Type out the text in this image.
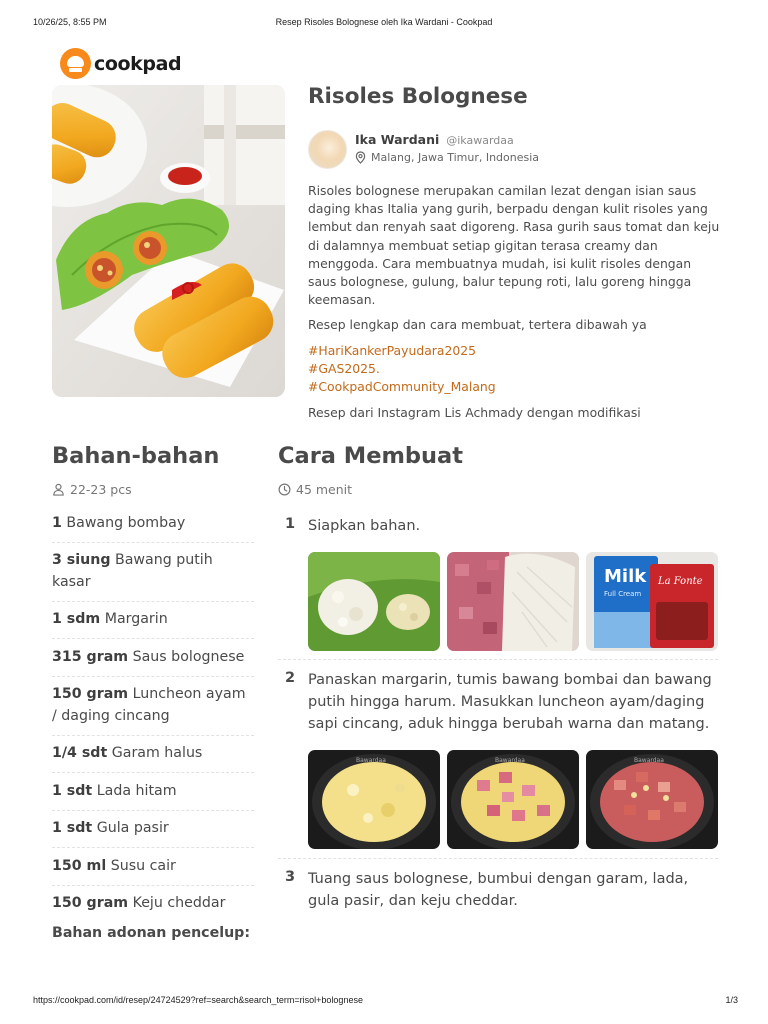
10/26/25, 8:55 PM	Resep Risoles Bolognese oleh Ika Wardani - Cookpad
cookpad
Risoles Bolognese
Ika Wardani @ikawardaa
Malang, Jawa Timur, Indonesia

Risoles bolognese merupakan camilan lezat dengan isian saus daging khas Italia yang gurih, berpadu dengan kulit risoles yang lembut dan renyah saat digoreng. Rasa gurih saus tomat dan keju di dalamnya membuat setiap gigitan terasa creamy dan menggoda. Cara membuatnya mudah, isi kulit risoles dengan saus bolognese, gulung, balur tepung roti, lalu goreng hingga keemasan.

Resep lengkap dan cara membuat, tertera dibawah ya

#HariKankerPayudara2025
#GAS2025.
#CookpadCommunity_Malang

Resep dari Instagram Lis Achmady dengan modifikasi

Bahan-bahan
22-23 pcs
1 Bawang bombay
3 siung Bawang putih kasar
1 sdm Margarin
315 gram Saus bolognese
150 gram Luncheon ayam / daging cincang
1/4 sdt Garam halus
1 sdt Lada hitam
1 sdt Gula pasir
150 ml Susu cair
150 gram Keju cheddar

Bahan adonan pencelup:

Cara Membuat
45 menit
1 Siapkan bahan.

Milk
Full Cream
La Fonte
2 Panaskan margarin, tumis bawang bombai dan bawang putih hingga harum. Masukkan luncheon ayam/daging sapi cincang, aduk hingga berubah warna dan matang.

Bawardaa	Bawardaa	Bawardaa
3 Tuang saus bolognese, bumbui dengan garam, lada, gula pasir, dan keju cheddar.

https://cookpad.com/id/resep/24724529?ref=search&search_term=risol+bolognese	1/3
